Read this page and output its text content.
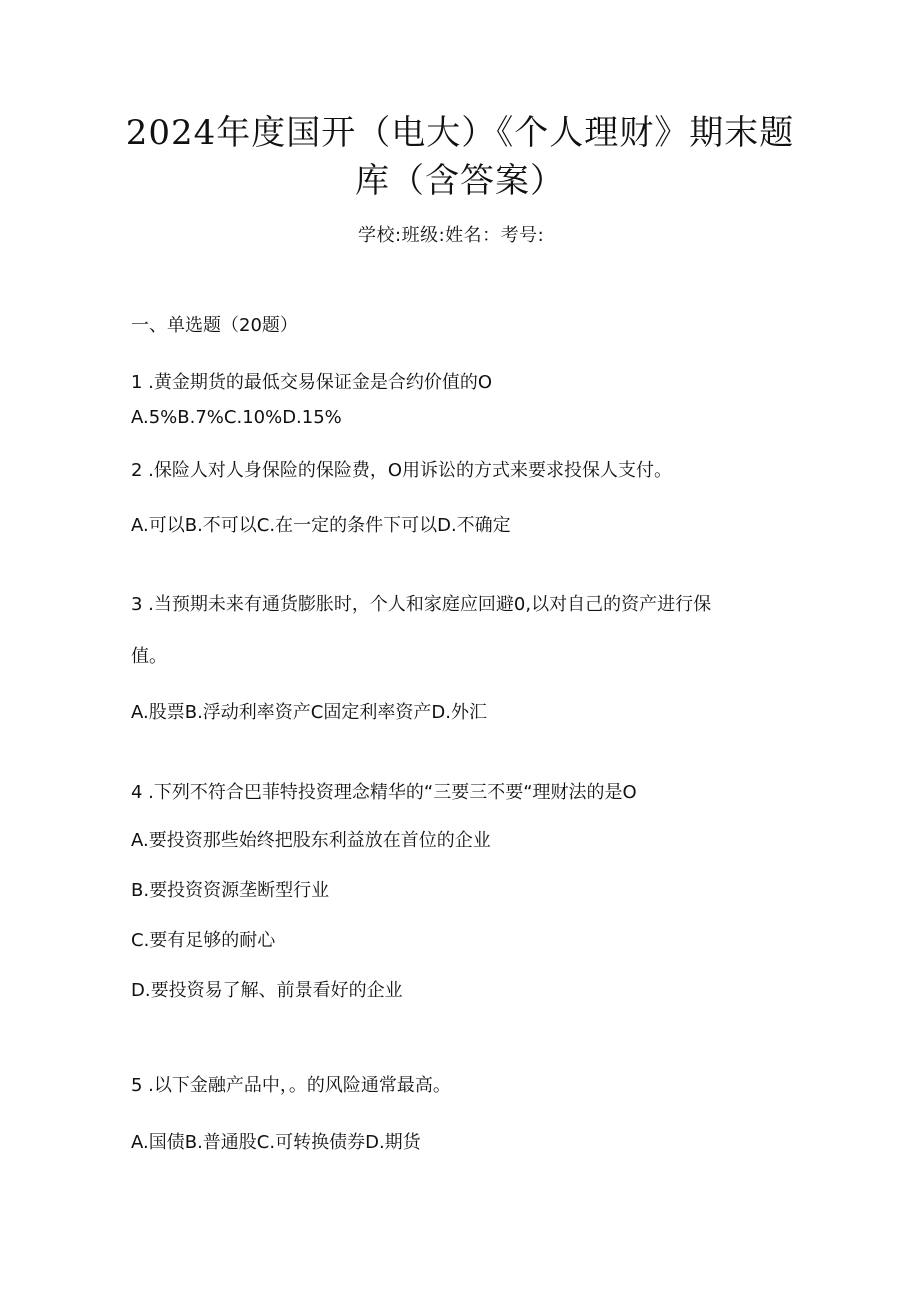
2024年度国开（电大）《个人理财》期末题
库（含答案）
学校:班级:姓名：考号:
一、单选题（20题）
1 .黄金期货的最低交易保证金是合约价值的O
A.5%B.7%C.10%D.15%
2 .保险人对人身保险的保险费，O用诉讼的方式来要求投保人支付。
A.可以B.不可以C.在一定的条件下可以D.不确定
3 .当预期未来有通货膨胀时，个人和家庭应回避0,以对自己的资产进行保
值。
A.股票B.浮动利率资产C固定利率资产D.外汇
4 .下列不符合巴菲特投资理念精华的“三要三不要“理财法的是O
A.要投资那些始终把股东利益放在首位的企业
B.要投资资源垄断型行业
C.要有足够的耐心
D.要投资易了解、前景看好的企业
5 .以下金融产品中，。的风险通常最高。
A.国债B.普通股C.可转换债券D.期货
